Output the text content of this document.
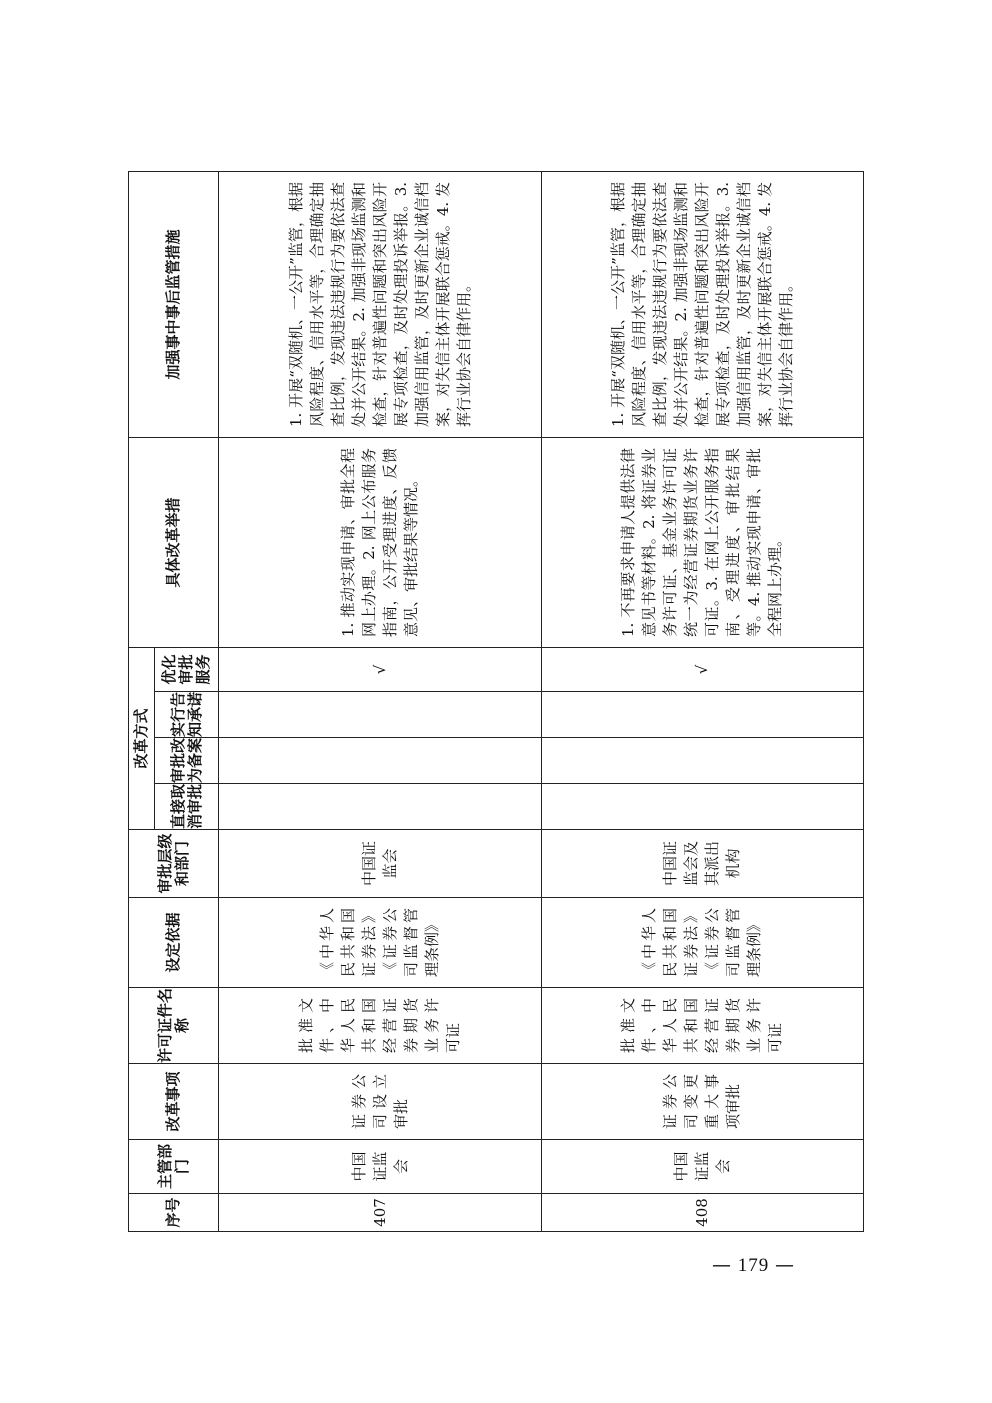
序号	主管部门	改革事项	许可证件名称	设定依据	审批层级和部门	改革方式				具体改革举措	加强事中事后监管措施
						直接取消审批	审批改为备案	实行告知承诺	优化审批服务		
407	中国证监会	证券公司设立审批	批准文件、中华人民共和国经营证券期货业务许可证	《中华人民共和国证券法》《证券公司监督管理条例》	中国证监会				√	1. 推动实现申请、审批全程网上办理。2. 网上公布服务指南，公开受理进度、反馈意见、审批结果等情况。	1. 开展“双随机、一公开”监管，根据风险程度、信用水平等，合理确定抽查比例，发现违法违规行为要依法查处并公开结果。2. 加强非现场监测和检查，针对普遍性问题和突出风险开展专项检查，及时处理投诉举报。3. 加强信用监管，及时更新企业诚信档案，对失信主体开展联合惩戒。4. 发挥行业协会自律作用。

408	中国证监会	证券公司变更重大事项审批	批准文件、中华人民共和国经营证券期货业务许可证	《中华人民共和国证券法》《证券公司监督管理条例》	中国证监会及其派出机构				√	1. 不再要求申请人提供法律意见书等材料。2. 将证券业务许可证、基金业务许可证统一为经营证券期货业务许可证。3. 在网上公开服务指南、受理进度、审批结果等。4. 推动实现申请、审批全程网上办理。	1. 开展“双随机、一公开”监管，根据风险程度、信用水平等，合理确定抽查比例，发现违法违规行为要依法查处并公开结果。2. 加强非现场监测和检查，针对普遍性问题和突出风险开展专项检查，及时处理投诉举报。3. 加强信用监管，及时更新企业诚信档案，对失信主体开展联合惩戒。4. 发挥行业协会自律作用。
— 179 —
